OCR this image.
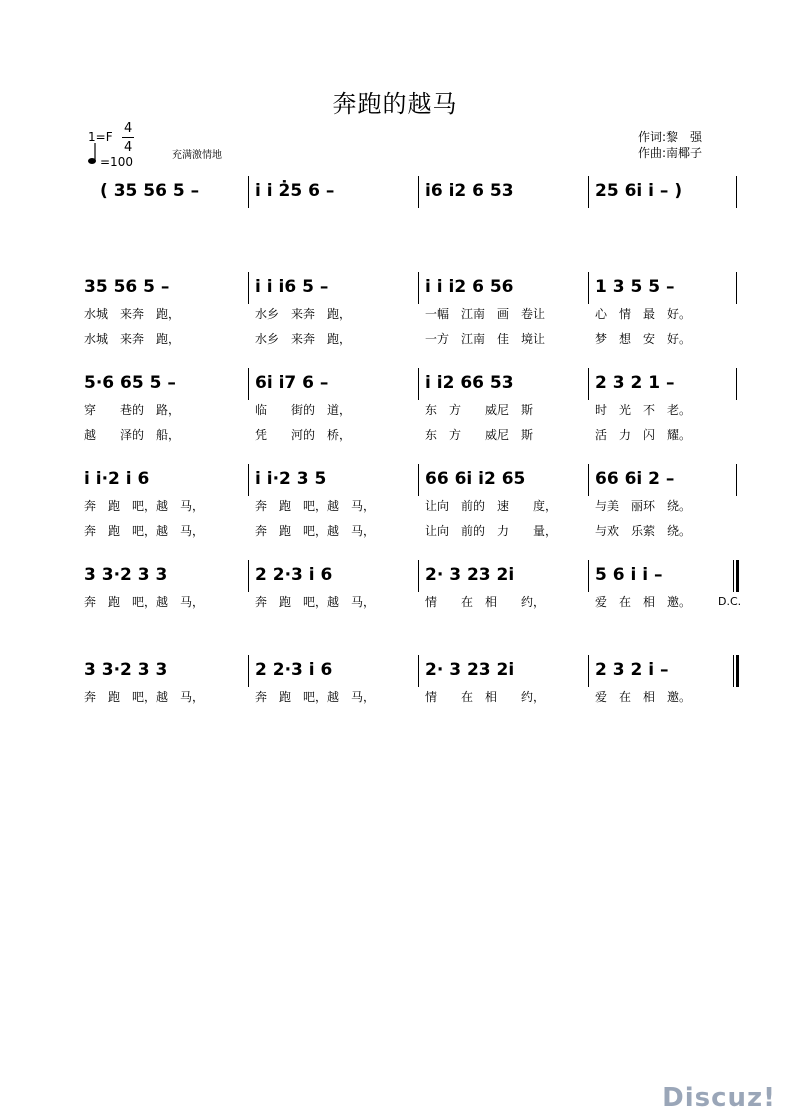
奔跑的越马
1=F
4
4
=100	充满激情地
作词:黎　强
作曲:南椰子
( 35 56 5 –	i i 2̇5 6 –	i6 i2 6 53	25 6i i – )
35 56 5 –	i i i6 5 –	i i i2 6 56	1 3 5 5 –
水城　来奔　跑，	水乡　来奔　跑，	一幅　江南　画　卷让	心　情　最　好。
水城　来奔　跑，	水乡　来奔　跑，	一方　江南　佳　境让	梦　想　安　好。
5·6 65 5 –	6i i7 6 –	i i2 66 53	2 3 2 1 –
穿　　巷的　路，	临　　街的　道，	东　方　　威尼　斯	时　光　不　老。
越　　泽的　船，	凭　　河的　桥，	东　方　　威尼　斯	活　力　闪　耀。
i i·2 i 6	i i·2 3 5	66 6i i2 65	66 6i 2 –
奔　跑　吧，越　马，	奔　跑　吧，越　马，	让向　前的　速　　度，	与美　丽环　绕。
奔　跑　吧，越　马，	奔　跑　吧，越　马，	让向　前的　力　　量，	与欢　乐萦　绕。
3 3·2 3 3	2 2·3 i 6	2· 3 23 2i	5 6 i i –
奔　跑　吧，越　马，	奔　跑　吧，越　马，	情　　在　相　　约，	爱　在　相　邀。 D.C.
3 3·2 3 3	2 2·3 i 6	2· 3 23 2i	2 3 2 i –
奔　跑　吧，越　马，	奔　跑　吧，越　马，	情　　在　相　　约，	爱　在　相　邀。
Discuz!
